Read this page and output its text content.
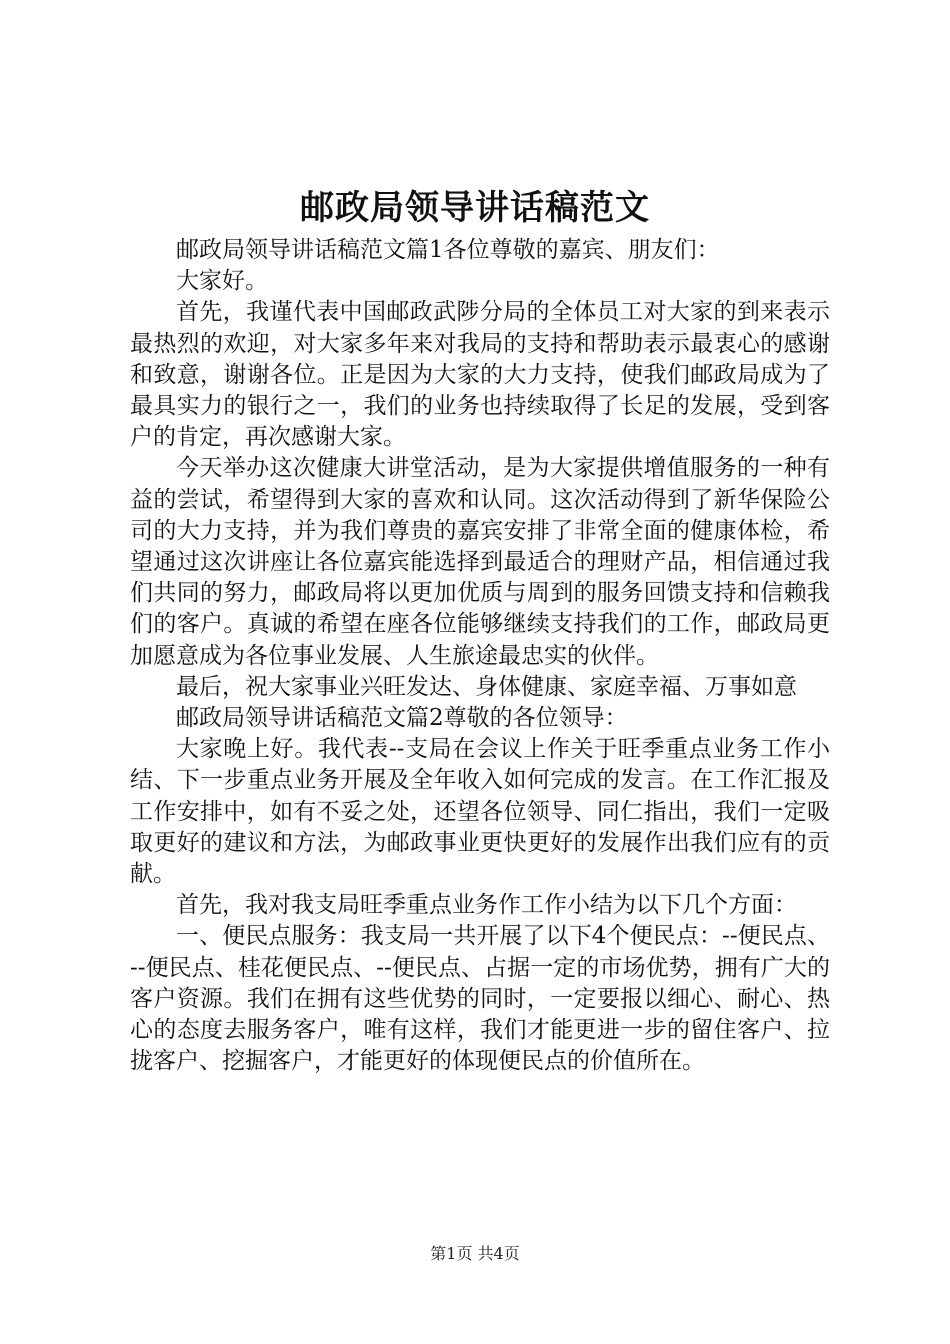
邮政局领导讲话稿范文

邮政局领导讲话稿范文篇1各位尊敬的嘉宾、朋友们：

大家好。

首先，我谨代表中国邮政武陟分局的全体员工对大家的到来表示最热烈的欢迎，对大家多年来对我局的支持和帮助表示最衷心的感谢和致意，谢谢各位。正是因为大家的大力支持，使我们邮政局成为了最具实力的银行之一，我们的业务也持续取得了长足的发展，受到客户的肯定，再次感谢大家。

今天举办这次健康大讲堂活动，是为大家提供增值服务的一种有益的尝试，希望得到大家的喜欢和认同。这次活动得到了新华保险公司的大力支持，并为我们尊贵的嘉宾安排了非常全面的健康体检，希望通过这次讲座让各位嘉宾能选择到最适合的理财产品，相信通过我们共同的努力，邮政局将以更加优质与周到的服务回馈支持和信赖我们的客户。真诚的希望在座各位能够继续支持我们的工作，邮政局更加愿意成为各位事业发展、人生旅途最忠实的伙伴。

最后，祝大家事业兴旺发达、身体健康、家庭幸福、万事如意

邮政局领导讲话稿范文篇2尊敬的各位领导：

大家晚上好。我代表--支局在会议上作关于旺季重点业务工作小结、下一步重点业务开展及全年收入如何完成的发言。在工作汇报及工作安排中，如有不妥之处，还望各位领导、同仁指出，我们一定吸取更好的建议和方法，为邮政事业更快更好的发展作出我们应有的贡献。

首先，我对我支局旺季重点业务作工作小结为以下几个方面：

一、便民点服务：我支局一共开展了以下4个便民点：--便民点、--便民点、桂花便民点、--便民点、占据一定的市场优势，拥有广大的客户资源。我们在拥有这些优势的同时，一定要报以细心、耐心、热心的态度去服务客户，唯有这样，我们才能更进一步的留住客户、拉拢客户、挖掘客户，才能更好的体现便民点的价值所在。

第1页 共4页
